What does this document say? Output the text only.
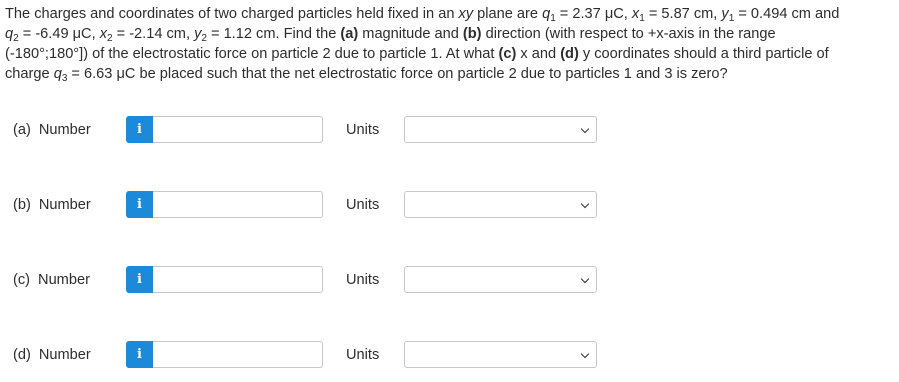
The charges and coordinates of two charged particles held fixed in an xy plane are $q_1 = 2.37$ μC, $x_1 = 5.87$ cm, $y_1 = 0.494$ cm and
$q_2 = -6.49$ μC, $x_2 = -2.14$ cm, $y_2 = 1.12$ cm. Find the (a) magnitude and (b) direction (with respect to +x-axis in the range
(-180°;180°]) of the electrostatic force on particle 2 due to particle 1. At what (c) x and (d) y coordinates should a third particle of
charge $q_3 = 6.63$ μC be placed such that the net electrostatic force on particle 2 due to particles 1 and 3 is zero?
(a) Number	i	Units
(b) Number	i	Units
(c) Number	i	Units
(d) Number	i	Units
